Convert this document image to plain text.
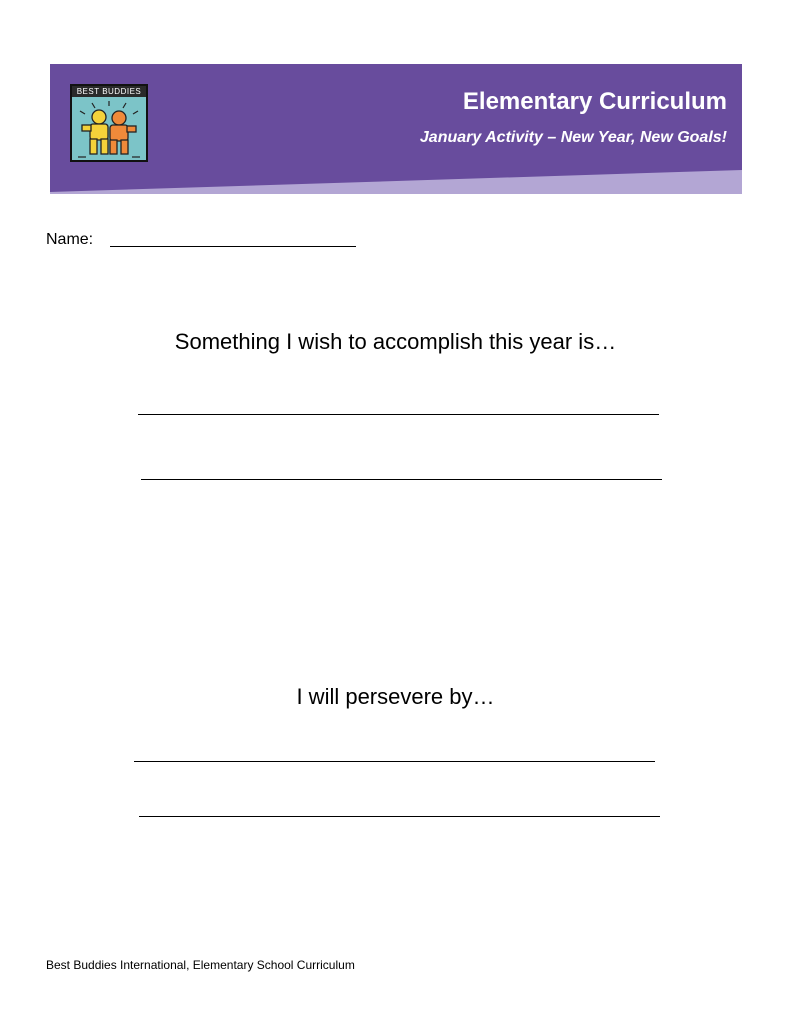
BEST BUDDIES	Elementary Curriculum
January Activity – New Year, New Goals!
Name:
Something I wish to accomplish this year is…
I will persevere by…
Best Buddies International, Elementary School Curriculum
